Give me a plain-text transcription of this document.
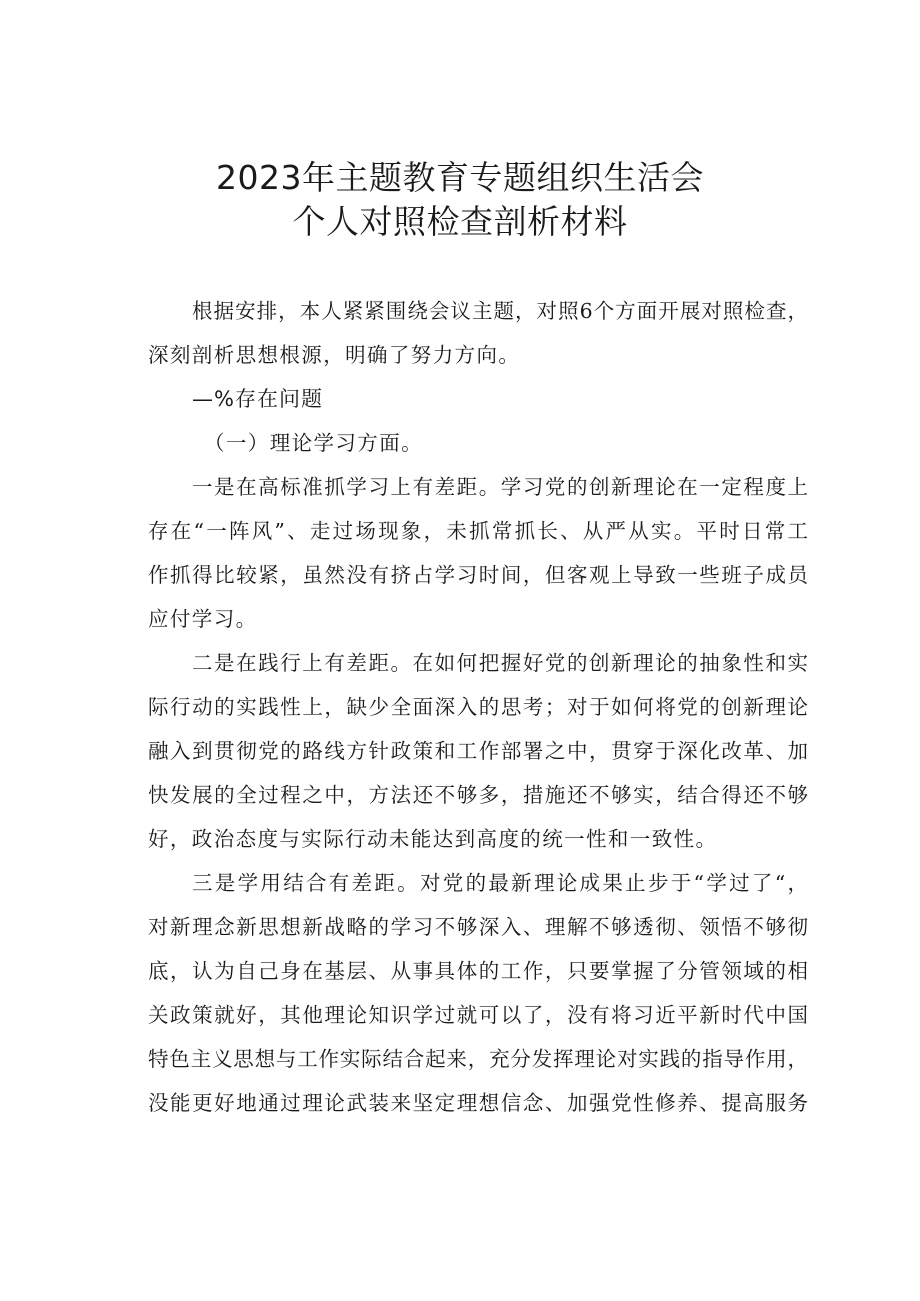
2023年主题教育专题组织生活会
个人对照检查剖析材料
根据安排，本人紧紧围绕会议主题，对照6个方面开展对照检查，
深刻剖析思想根源，明确了努力方向。
—%存在问题
（一）理论学习方面。
一是在高标准抓学习上有差距。学习党的创新理论在一定程度上
存在“一阵风”、走过场现象，未抓常抓长、从严从实。平时日常工
作抓得比较紧，虽然没有挤占学习时间，但客观上导致一些班子成员
应付学习。
二是在践行上有差距。在如何把握好党的创新理论的抽象性和实
际行动的实践性上，缺少全面深入的思考；对于如何将党的创新理论
融入到贯彻党的路线方针政策和工作部署之中，贯穿于深化改革、加
快发展的全过程之中，方法还不够多，措施还不够实，结合得还不够
好，政治态度与实际行动未能达到高度的统一性和一致性。
三是学用结合有差距。对党的最新理论成果止步于“学过了“，
对新理念新思想新战略的学习不够深入、理解不够透彻、领悟不够彻
底，认为自己身在基层、从事具体的工作，只要掌握了分管领域的相
关政策就好，其他理论知识学过就可以了，没有将习近平新时代中国
特色主义思想与工作实际结合起来，充分发挥理论对实践的指导作用，
没能更好地通过理论武装来坚定理想信念、加强党性修养、提高服务
